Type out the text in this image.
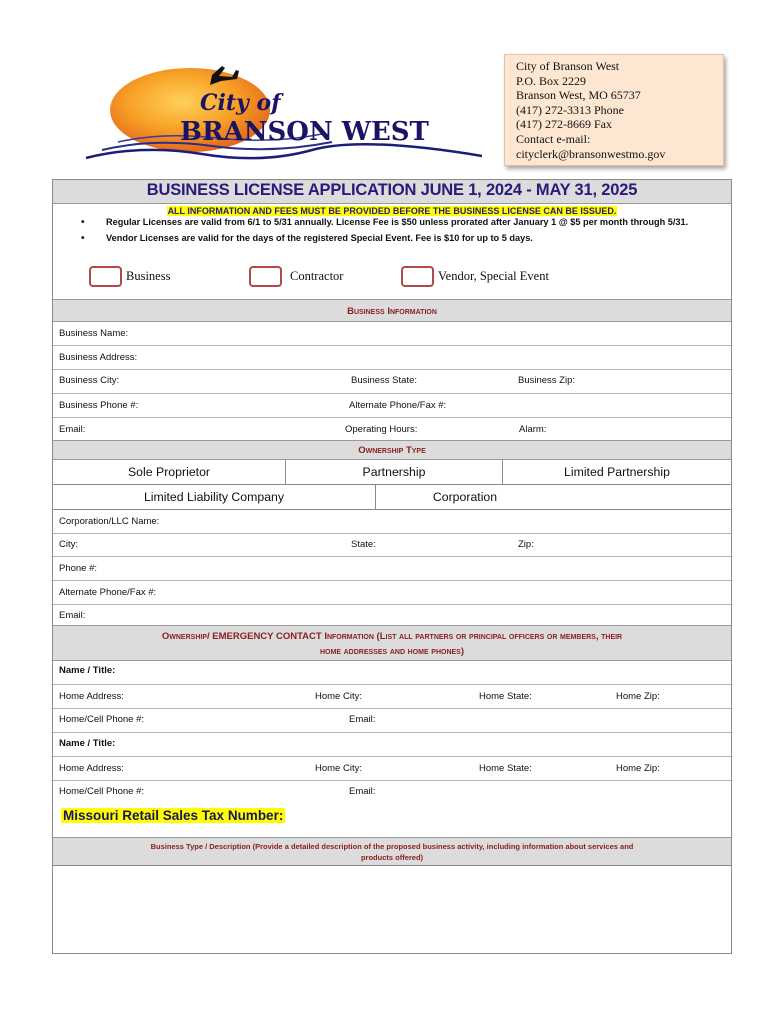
City of
BRANSON WEST
City of Branson West
P.O. Box 2229
Branson West, MO 65737
(417) 272-3313 Phone
(417) 272-8669 Fax
Contact e-mail:
cityclerk@bransonwestmo.gov
BUSINESS LICENSE APPLICATION JUNE 1, 2024 - MAY 31, 2025
ALL INFORMATION AND FEES MUST BE PROVIDED BEFORE THE BUSINESS LICENSE CAN BE ISSUED.
• Regular Licenses are valid from 6/1 to 5/31 annually. License Fee is $50 unless prorated after January 1 @ $5 per month through 5/31.
• Vendor Licenses are valid for the days of the registered Special Event. Fee is $10 for up to 5 days.
Business	Contractor	Vendor, Special Event
Business Information
Business Name:
Business Address:
Business City:	Business State:	Business Zip:
Business Phone #:	Alternate Phone/Fax #:
Email:	Operating Hours:	Alarm:
Ownership Type
Sole Proprietor	Partnership	Limited Partnership
Limited Liability Company	Corporation
Corporation/LLC Name:
City:	State:	Zip:
Phone #:
Alternate Phone/Fax #:
Email:
Ownership/ EMERGENCY CONTACT Information (List all partners or principal officers or members, their
home addresses and home phones)
Name / Title:
Home Address:	Home City:	Home State:	Home Zip:
Home/Cell Phone #:	Email:
Name / Title:
Home Address:	Home City:	Home State:	Home Zip:
Home/Cell Phone #:	Email:
Missouri Retail Sales Tax Number:
Business Type / Description (Provide a detailed description of the proposed business activity, including information about services and
products offered)
